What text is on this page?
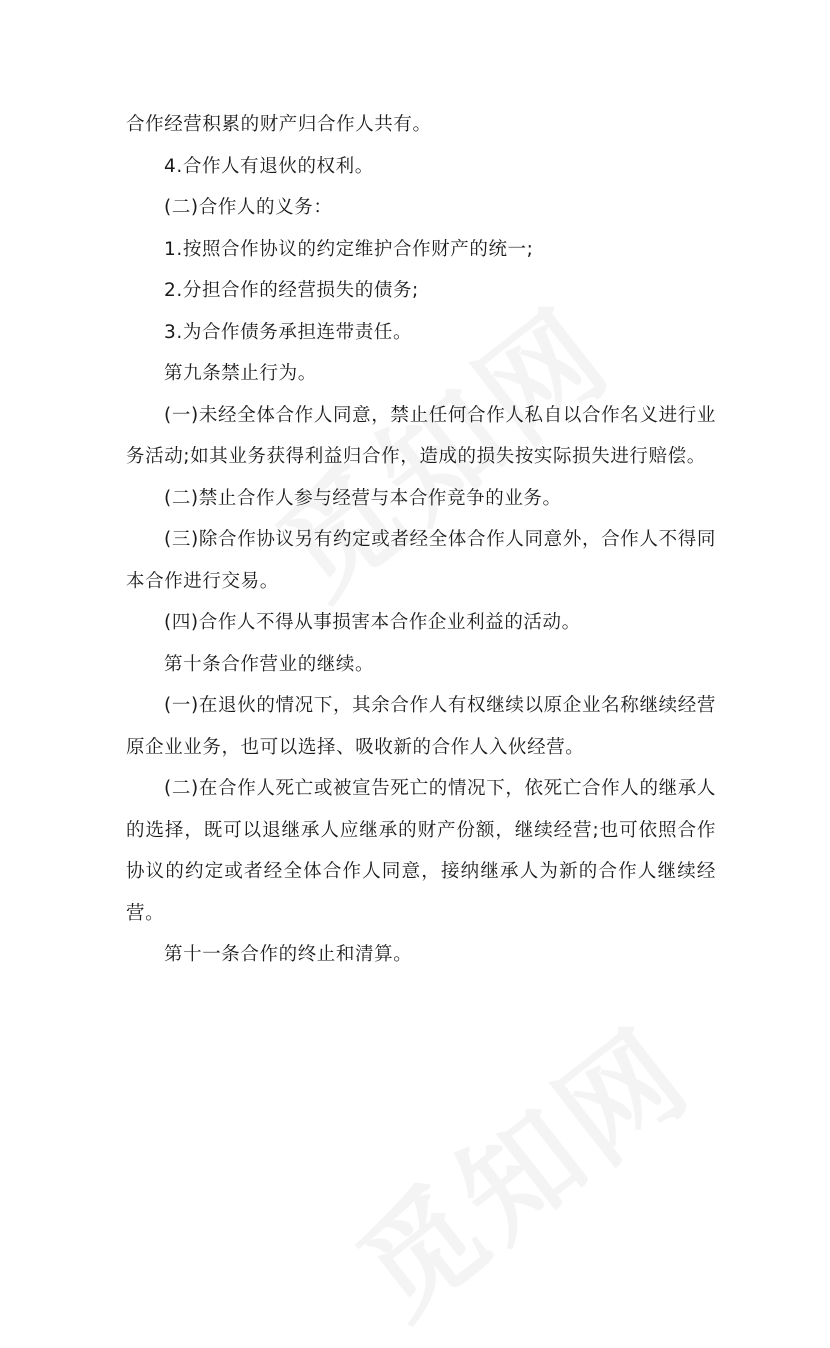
合作经营积累的财产归合作人共有。

4.合作人有退伙的权利。

(二)合作人的义务：

1.按照合作协议的约定维护合作财产的统一;

2.分担合作的经营损失的债务;

3.为合作债务承担连带责任。

第九条禁止行为。

(一)未经全体合作人同意，禁止任何合作人私自以合作名义进行业务活动;如其业务获得利益归合作，造成的损失按实际损失进行赔偿。

(二)禁止合作人参与经营与本合作竞争的业务。

(三)除合作协议另有约定或者经全体合作人同意外，合作人不得同本合作进行交易。

(四)合作人不得从事损害本合作企业利益的活动。

第十条合作营业的继续。

(一)在退伙的情况下，其余合作人有权继续以原企业名称继续经营原企业业务，也可以选择、吸收新的合作人入伙经营。

(二)在合作人死亡或被宣告死亡的情况下，依死亡合作人的继承人的选择，既可以退继承人应继承的财产份额，继续经营;也可依照合作协议的约定或者经全体合作人同意，接纳继承人为新的合作人继续经营。

第十一条合作的终止和清算。
